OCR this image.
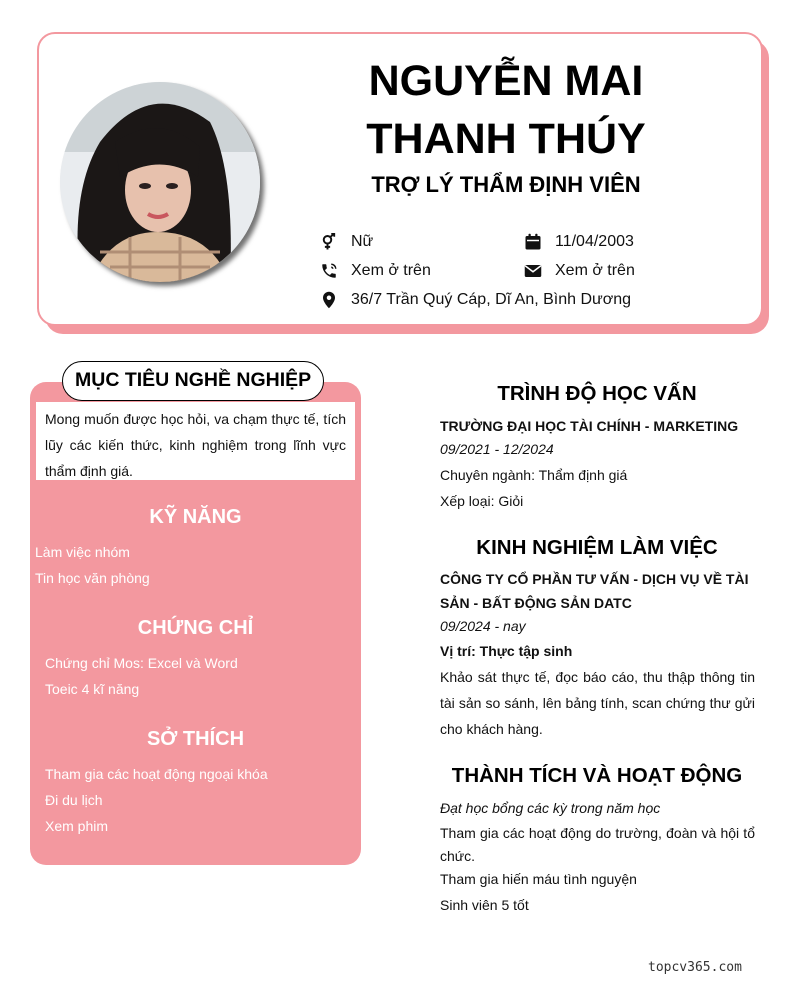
NGUYỄN MAI
THANH THÚY
TRỢ LÝ THẨM ĐỊNH VIÊN
Nữ	11/04/2003
Xem ở trên	Xem ở trên
36/7 Trần Quý Cáp, Dĩ An, Bình Dương
Mong muốn được học hỏi, va chạm thực tế, tích lũy các kiến thức, kinh nghiệm trong lĩnh vực thẩm định giá.
MỤC TIÊU NGHỀ NGHIỆP
KỸ NĂNG
Làm việc nhóm
Tin học văn phòng
CHỨNG CHỈ
Chứng chỉ Mos: Excel và Word
Toeic 4 kĩ năng
SỞ THÍCH
Tham gia các hoạt động ngoại khóa
Đi du lịch
Xem phim
TRÌNH ĐỘ HỌC VẤN
TRƯỜNG ĐẠI HỌC TÀI CHÍNH - MARKETING
09/2021 - 12/2024
Chuyên ngành: Thẩm định giá
Xếp loại: Giỏi
KINH NGHIỆM LÀM VIỆC
CÔNG TY CỔ PHẦN TƯ VẤN - DỊCH VỤ VỀ TÀI
SẢN - BẤT ĐỘNG SẢN DATC
09/2024 - nay
Vị trí: Thực tập sinh
Khảo sát thực tế, đọc báo cáo, thu thập thông tin tài sản so sánh, lên bảng tính, scan chứng thư gửi cho khách hàng.
THÀNH TÍCH VÀ HOẠT ĐỘNG
Đạt học bổng các kỳ trong năm học
Tham gia các hoạt động do trường, đoàn và hội tổ chức.
Tham gia hiến máu tình nguyện
Sinh viên 5 tốt
topcv365.com
